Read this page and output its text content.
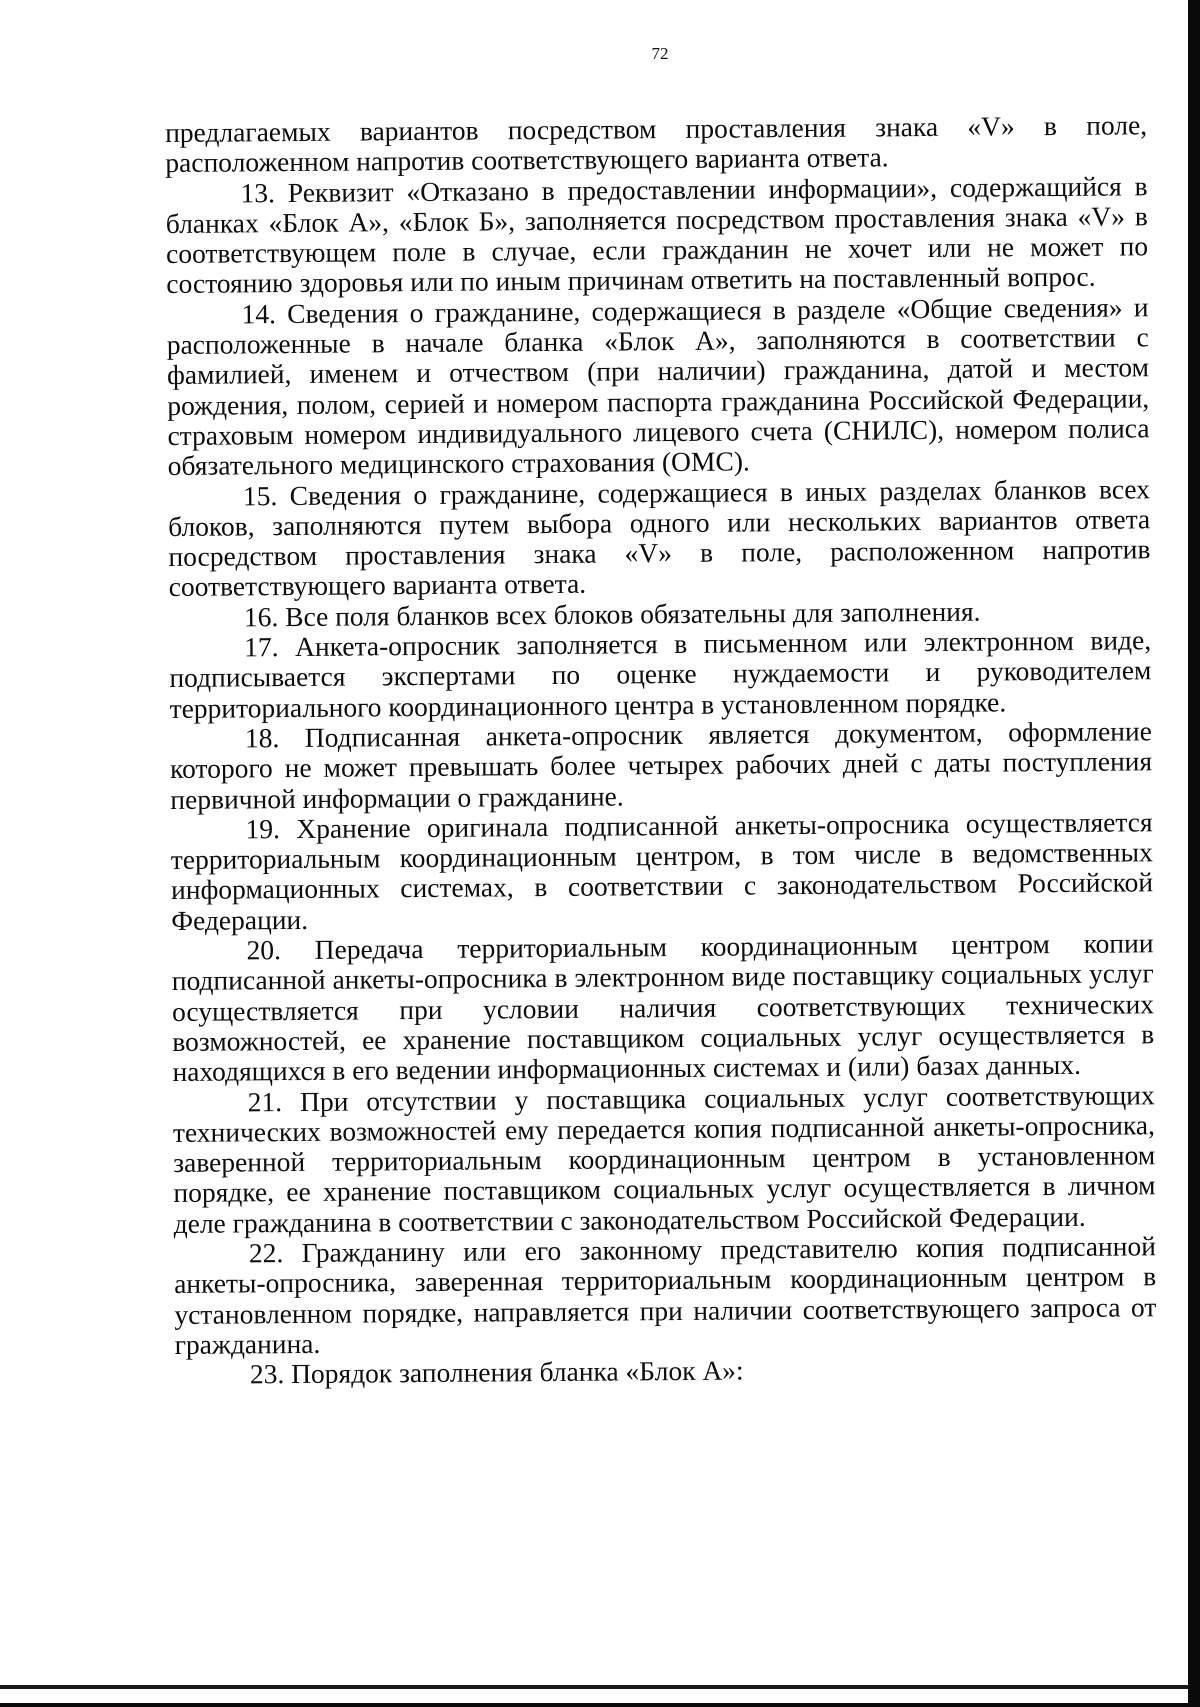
72

предлагаемых вариантов посредством проставления знака «V» в поле, расположенном напротив соответствующего варианта ответа.

13. Реквизит «Отказано в предоставлении информации», содержащийся в бланках «Блок А», «Блок Б», заполняется посредством проставления знака «V» в соответствующем поле в случае, если гражданин не хочет или не может по состоянию здоровья или по иным причинам ответить на поставленный вопрос.

14. Сведения о гражданине, содержащиеся в разделе «Общие сведения» и расположенные в начале бланка «Блок А», заполняются в соответствии с фамилией, именем и отчеством (при наличии) гражданина, датой и местом рождения, полом, серией и номером паспорта гражданина Российской Федерации, страховым номером индивидуального лицевого счета (СНИЛС), номером полиса обязательного медицинского страхования (ОМС).

15. Сведения о гражданине, содержащиеся в иных разделах бланков всех блоков, заполняются путем выбора одного или нескольких вариантов ответа посредством проставления знака «V» в поле, расположенном напротив соответствующего варианта ответа.

16. Все поля бланков всех блоков обязательны для заполнения.

17. Анкета-опросник заполняется в письменном или электронном виде, подписывается экспертами по оценке нуждаемости и руководителем территориального координационного центра в установленном порядке.

18. Подписанная анкета-опросник является документом, оформление которого не может превышать более четырех рабочих дней с даты поступления первичной информации о гражданине.

19. Хранение оригинала подписанной анкеты-опросника осуществляется территориальным координационным центром, в том числе в ведомственных информационных системах, в соответствии с законодательством Российской Федерации.

20. Передача территориальным координационным центром копии подписанной анкеты-опросника в электронном виде поставщику социальных услуг осуществляется при условии наличия соответствующих технических возможностей, ее хранение поставщиком социальных услуг осуществляется в находящихся в его ведении информационных системах и (или) базах данных.

21. При отсутствии у поставщика социальных услуг соответствующих технических возможностей ему передается копия подписанной анкеты-опросника, заверенной территориальным координационным центром в установленном порядке, ее хранение поставщиком социальных услуг осуществляется в личном деле гражданина в соответствии с законодательством Российской Федерации.

22. Гражданину или его законному представителю копия подписанной анкеты-опросника, заверенная территориальным координационным центром в установленном порядке, направляется при наличии соответствующего запроса от гражданина.

23. Порядок заполнения бланка «Блок А»:
